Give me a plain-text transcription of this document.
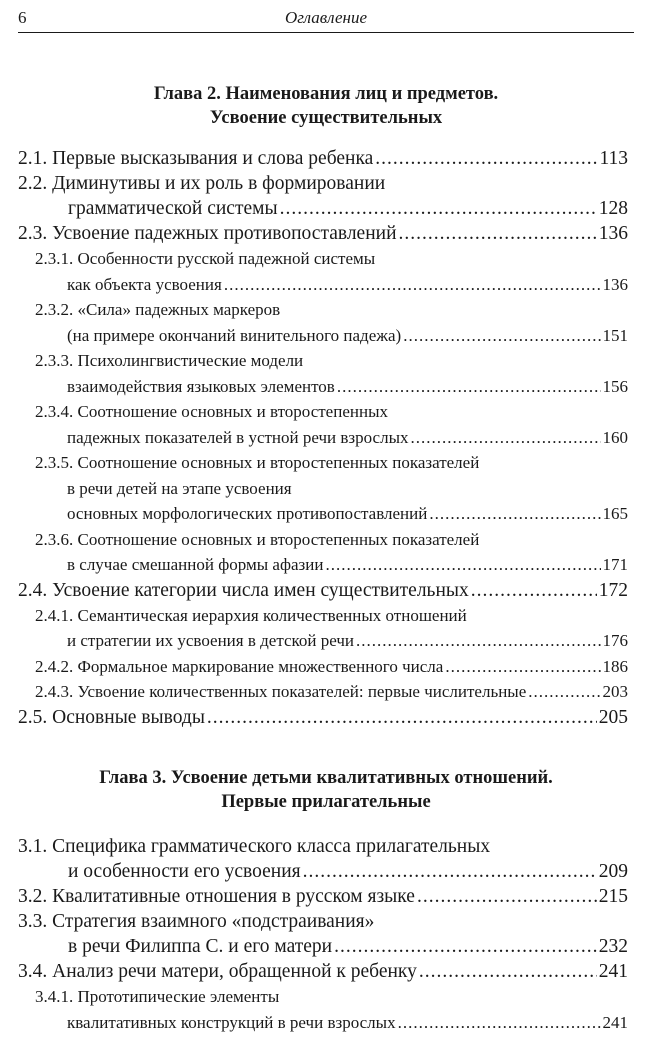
6	Оглавление
Глава 2. Наименования лиц и предметов.
Усвоение существительных
2.1. Первые высказывания и слова ребенка .....	113
2.2. Диминутивы и их роль в формировании
грамматической системы .....	128
2.3. Усвоение падежных противопоставлений .....	136
2.3.1. Особенности русской падежной системы
как объекта усвоения .....	136
2.3.2. «Сила» падежных маркеров
(на примере окончаний винительного падежа) .....	151
2.3.3. Психолингвистические модели
взаимодействия языковых элементов .....	156
2.3.4. Соотношение основных и второстепенных
падежных показателей в устной речи взрослых .....	160
2.3.5. Соотношение основных и второстепенных показателей
в речи детей на этапе усвоения
основных морфологических противопоставлений .....	165
2.3.6. Соотношение основных и второстепенных показателей
в случае смешанной формы афазии .....	171
2.4. Усвоение категории числа имен существительных .....	172
2.4.1. Семантическая иерархия количественных отношений
и стратегии их усвоения в детской речи .....	176
2.4.2. Формальное маркирование множественного числа .....	186
2.4.3. Усвоение количественных показателей: первые числительные .....	203
2.5. Основные выводы .....	205
Глава 3. Усвоение детьми квалитативных отношений.
Первые прилагательные
3.1. Специфика грамматического класса прилагательных
и особенности его усвоения .....	209
3.2. Квалитативные отношения в русском языке .....	215
3.3. Стратегия взаимного «подстраивания»
в речи Филиппа С. и его матери .....	232
3.4. Анализ речи матери, обращенной к ребенку .....	241
3.4.1. Прототипические элементы
квалитативных конструкций в речи взрослых .....	241
